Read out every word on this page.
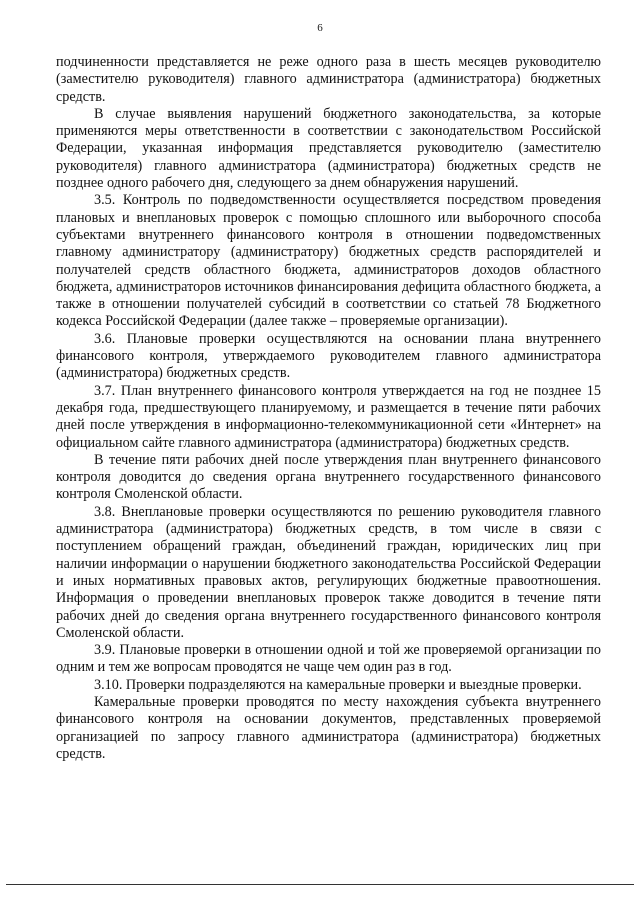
6

подчиненности представляется не реже одного раза в шесть месяцев руководителю (заместителю руководителя) главного администратора (администратора) бюджетных средств.

В случае выявления нарушений бюджетного законодательства, за которые применяются меры ответственности в соответствии с законодательством Российской Федерации, указанная информация представляется руководителю (заместителю руководителя) главного администратора (администратора) бюджетных средств не позднее одного рабочего дня, следующего за днем обнаружения нарушений.

3.5. Контроль по подведомственности осуществляется посредством проведения плановых и внеплановых проверок с помощью сплошного или выборочного способа субъектами внутреннего финансового контроля в отношении подведомственных главному администратору (администратору) бюджетных средств распорядителей и получателей средств областного бюджета, администраторов доходов областного бюджета, администраторов источников финансирования дефицита областного бюджета, а также в отношении получателей субсидий в соответствии со статьей 78 Бюджетного кодекса Российской Федерации (далее также – проверяемые организации).

3.6. Плановые проверки осуществляются на основании плана внутреннего финансового контроля, утверждаемого руководителем главного администратора (администратора) бюджетных средств.

3.7. План внутреннего финансового контроля утверждается на год не позднее 15 декабря года, предшествующего планируемому, и размещается в течение пяти рабочих дней после утверждения в информационно-телекоммуникационной сети «Интернет» на официальном сайте главного администратора (администратора) бюджетных средств.

В течение пяти рабочих дней после утверждения план внутреннего финансового контроля доводится до сведения органа внутреннего государственного финансового контроля Смоленской области.

3.8. Внеплановые проверки осуществляются по решению руководителя главного администратора (администратора) бюджетных средств, в том числе в связи с поступлением обращений граждан, объединений граждан, юридических лиц при наличии информации о нарушении бюджетного законодательства Российской Федерации и иных нормативных правовых актов, регулирующих бюджетные правоотношения. Информация о проведении внеплановых проверок также доводится в течение пяти рабочих дней до сведения органа внутреннего государственного финансового контроля Смоленской области.

3.9. Плановые проверки в отношении одной и той же проверяемой организации по одним и тем же вопросам проводятся не чаще чем один раз в год.

3.10. Проверки подразделяются на камеральные проверки и выездные проверки.

Камеральные проверки проводятся по месту нахождения субъекта внутреннего финансового контроля на основании документов, представленных проверяемой организацией по запросу главного администратора (администратора) бюджетных средств.
